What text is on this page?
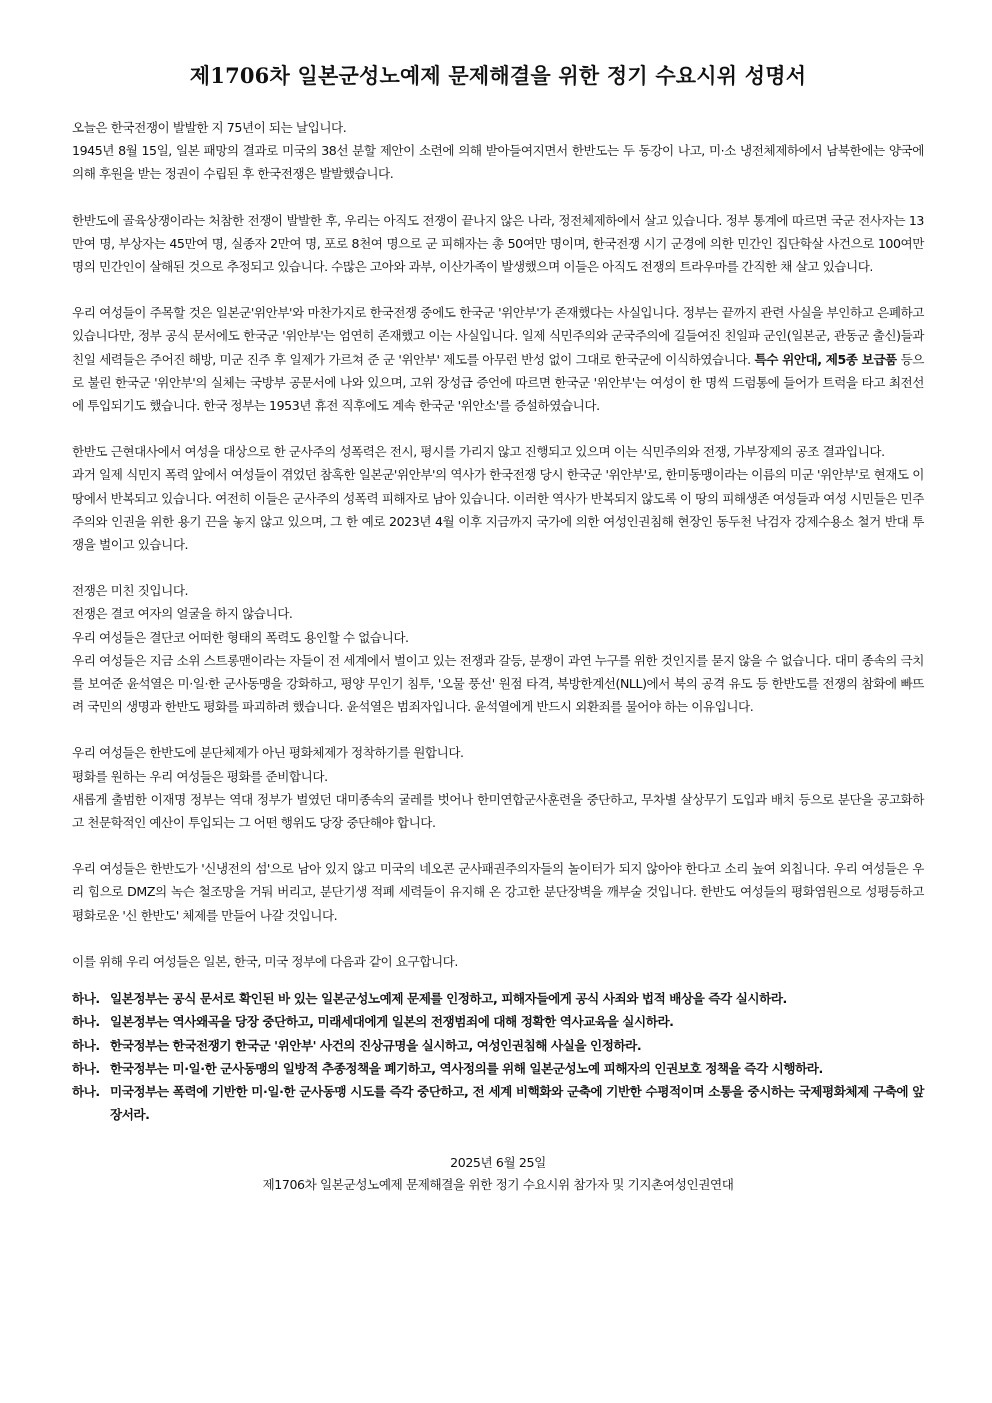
제1706차 일본군성노예제 문제해결을 위한 정기 수요시위 성명서

오늘은 한국전쟁이 발발한 지 75년이 되는 날입니다.

1945년 8월 15일, 일본 패망의 결과로 미국의 38선 분할 제안이 소련에 의해 받아들여지면서 한반도는 두 동강이 나고, 미·소 냉전체제하에서 남북한에는 양국에 의해 후원을 받는 정권이 수립된 후 한국전쟁은 발발했습니다.

한반도에 골육상쟁이라는 처참한 전쟁이 발발한 후, 우리는 아직도 전쟁이 끝나지 않은 나라, 정전체제하에서 살고 있습니다. 정부 통계에 따르면 국군 전사자는 13만여 명, 부상자는 45만여 명, 실종자 2만여 명, 포로 8천여 명으로 군 피해자는 총 50여만 명이며, 한국전쟁 시기 군경에 의한 민간인 집단학살 사건으로 100여만 명의 민간인이 살해된 것으로 추정되고 있습니다. 수많은 고아와 과부, 이산가족이 발생했으며 이들은 아직도 전쟁의 트라우마를 간직한 채 살고 있습니다.

우리 여성들이 주목할 것은 일본군'위안부'와 마찬가지로 한국전쟁 중에도 한국군 '위안부'가 존재했다는 사실입니다. 정부는 끝까지 관련 사실을 부인하고 은폐하고 있습니다만, 정부 공식 문서에도 한국군 '위안부'는 엄연히 존재했고 이는 사실입니다. 일제 식민주의와 군국주의에 길들여진 친일파 군인(일본군, 관동군 출신)들과 친일 세력들은 주어진 해방, 미군 진주 후 일제가 가르쳐 준 군 '위안부' 제도를 아무런 반성 없이 그대로 한국군에 이식하였습니다. 특수 위안대, 제5종 보급품 등으로 불린 한국군 '위안부'의 실체는 국방부 공문서에 나와 있으며, 고위 장성급 증언에 따르면 한국군 '위안부'는 여성이 한 명씩 드럼통에 들어가 트럭을 타고 최전선에 투입되기도 했습니다. 한국 정부는 1953년 휴전 직후에도 계속 한국군 '위안소'를 증설하였습니다.

한반도 근현대사에서 여성을 대상으로 한 군사주의 성폭력은 전시, 평시를 가리지 않고 진행되고 있으며 이는 식민주의와 전쟁, 가부장제의 공조 결과입니다.

과거 일제 식민지 폭력 앞에서 여성들이 겪었던 참혹한 일본군'위안부'의 역사가 한국전쟁 당시 한국군 '위안부'로, 한미동맹이라는 이름의 미군 '위안부'로 현재도 이 땅에서 반복되고 있습니다. 여전히 이들은 군사주의 성폭력 피해자로 남아 있습니다. 이러한 역사가 반복되지 않도록 이 땅의 피해생존 여성들과 여성 시민들은 민주주의와 인권을 위한 용기 끈을 놓지 않고 있으며, 그 한 예로 2023년 4월 이후 지금까지 국가에 의한 여성인권침해 현장인 동두천 낙검자 강제수용소 철거 반대 투쟁을 벌이고 있습니다.

전쟁은 미친 짓입니다.

전쟁은 결코 여자의 얼굴을 하지 않습니다.

우리 여성들은 결단코 어떠한 형태의 폭력도 용인할 수 없습니다.

우리 여성들은 지금 소위 스트롱맨이라는 자들이 전 세계에서 벌이고 있는 전쟁과 갈등, 분쟁이 과연 누구를 위한 것인지를 묻지 않을 수 없습니다. 대미 종속의 극치를 보여준 윤석열은 미·일·한 군사동맹을 강화하고, 평양 무인기 침투, '오물 풍선' 원점 타격, 북방한계선(NLL)에서 북의 공격 유도 등 한반도를 전쟁의 참화에 빠뜨려 국민의 생명과 한반도 평화를 파괴하려 했습니다. 윤석열은 범죄자입니다. 윤석열에게 반드시 외환죄를 물어야 하는 이유입니다.

우리 여성들은 한반도에 분단체제가 아닌 평화체제가 정착하기를 원합니다.

평화를 원하는 우리 여성들은 평화를 준비합니다.

새롭게 출범한 이재명 정부는 역대 정부가 벌였던 대미종속의 굴레를 벗어나 한미연합군사훈련을 중단하고, 무차별 살상무기 도입과 배치 등으로 분단을 공고화하고 천문학적인 예산이 투입되는 그 어떤 행위도 당장 중단해야 합니다.

우리 여성들은 한반도가 '신냉전의 섬'으로 남아 있지 않고 미국의 네오콘 군사패권주의자들의 놀이터가 되지 않아야 한다고 소리 높여 외칩니다. 우리 여성들은 우리 힘으로 DMZ의 녹슨 철조망을 거둬 버리고, 분단기생 적폐 세력들이 유지해 온 강고한 분단장벽을 깨부술 것입니다. 한반도 여성들의 평화염원으로 성평등하고 평화로운 '신 한반도' 체제를 만들어 나갈 것입니다.

이를 위해 우리 여성들은 일본, 한국, 미국 정부에 다음과 같이 요구합니다.

하나. 일본정부는 공식 문서로 확인된 바 있는 일본군성노예제 문제를 인정하고, 피해자들에게 공식 사죄와 법적 배상을 즉각 실시하라.
하나. 일본정부는 역사왜곡을 당장 중단하고, 미래세대에게 일본의 전쟁범죄에 대해 정확한 역사교육을 실시하라.
하나. 한국정부는 한국전쟁기 한국군 '위안부' 사건의 진상규명을 실시하고, 여성인권침해 사실을 인정하라.
하나. 한국정부는 미·일·한 군사동맹의 일방적 추종정책을 폐기하고, 역사정의를 위해 일본군성노예 피해자의 인권보호 정책을 즉각 시행하라.
하나. 미국정부는 폭력에 기반한 미·일·한 군사동맹 시도를 즉각 중단하고, 전 세계 비핵화와 군축에 기반한 수평적이며 소통을 중시하는 국제평화체제 구축에 앞장서라.
2025년 6월 25일
제1706차 일본군성노예제 문제해결을 위한 정기 수요시위 참가자 및 기지촌여성인권연대
